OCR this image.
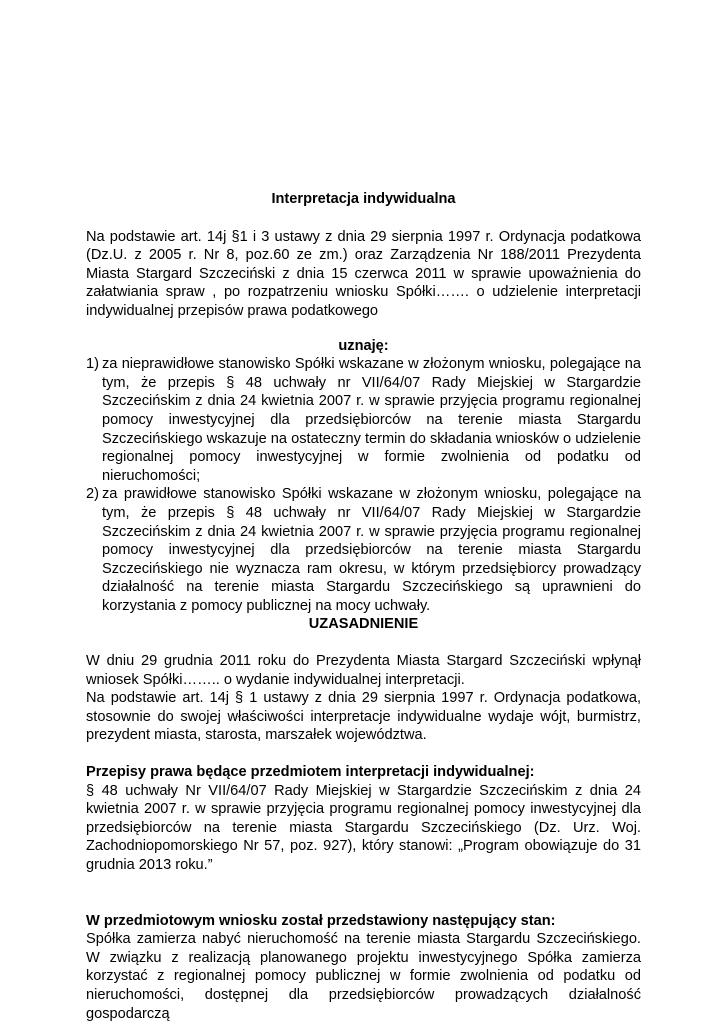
Interpretacja indywidualna

Na podstawie art. 14j §1 i 3 ustawy z dnia 29 sierpnia 1997 r. Ordynacja podatkowa (Dz.U. z 2005 r. Nr 8, poz.60 ze zm.) oraz Zarządzenia Nr 188/2011 Prezydenta Miasta Stargard Szczeciński z dnia 15 czerwca 2011 w sprawie upoważnienia do załatwiania spraw , po rozpatrzeniu wniosku Spółki……. o udzielenie interpretacji indywidualnej przepisów prawa podatkowego

uznaję:

1) za nieprawidłowe stanowisko Spółki wskazane w złożonym wniosku, polegające na tym, że przepis § 48 uchwały nr VII/64/07 Rady Miejskiej w Stargardzie Szczecińskim z dnia 24 kwietnia 2007 r. w sprawie przyjęcia programu regionalnej pomocy inwestycyjnej dla przedsiębiorców na terenie miasta Stargardu Szczecińskiego wskazuje na ostateczny termin do składania wniosków o udzielenie regionalnej pomocy inwestycyjnej w formie zwolnienia od podatku od nieruchomości;
2) za prawidłowe stanowisko Spółki wskazane w złożonym wniosku, polegające na tym, że przepis § 48 uchwały nr VII/64/07 Rady Miejskiej w Stargardzie Szczecińskim z dnia 24 kwietnia 2007 r. w sprawie przyjęcia programu regionalnej pomocy inwestycyjnej dla przedsiębiorców na terenie miasta Stargardu Szczecińskiego nie wyznacza ram okresu, w którym przedsiębiorcy prowadzący działalność na terenie miasta Stargardu Szczecińskiego są uprawnieni do korzystania z pomocy publicznej na mocy uchwały.

UZASADNIENIE

W dniu 29 grudnia 2011 roku do Prezydenta Miasta Stargard Szczeciński wpłynął wniosek Spółki…….. o wydanie indywidualnej interpretacji.

Na podstawie art. 14j § 1 ustawy z dnia 29 sierpnia 1997 r. Ordynacja podatkowa, stosownie do swojej właściwości interpretacje indywidualne wydaje wójt, burmistrz, prezydent miasta, starosta, marszałek województwa.

Przepisy prawa będące przedmiotem interpretacji indywidualnej:

§ 48 uchwały Nr VII/64/07 Rady Miejskiej w Stargardzie Szczecińskim z dnia 24 kwietnia 2007 r. w sprawie przyjęcia programu regionalnej pomocy inwestycyjnej dla przedsiębiorców na terenie miasta Stargardu Szczecińskiego (Dz. Urz. Woj. Zachodniopomorskiego Nr 57, poz. 927), który stanowi: „Program obowiązuje do 31 grudnia 2013 roku.”

W przedmiotowym wniosku został przedstawiony następujący stan:

Spółka zamierza nabyć nieruchomość na terenie miasta Stargardu Szczecińskiego. W związku z realizacją planowanego projektu inwestycyjnego Spółka zamierza korzystać z regionalnej pomocy publicznej w formie zwolnienia od podatku od nieruchomości, dostępnej dla przedsiębiorców prowadzących działalność gospodarczą
